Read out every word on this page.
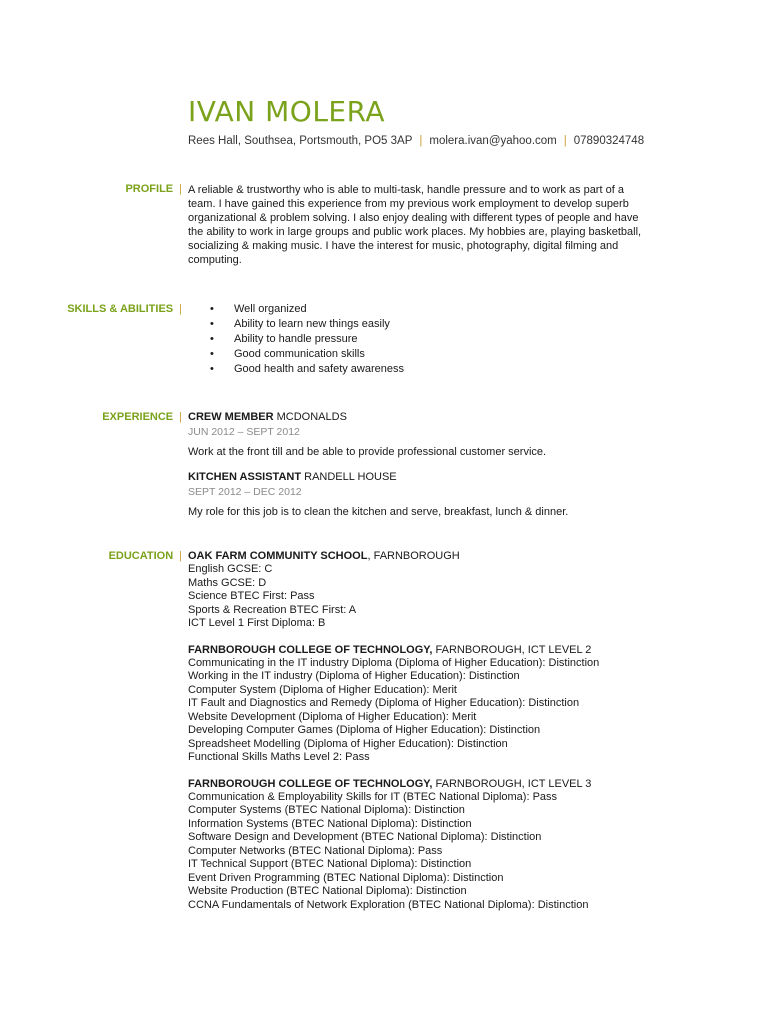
IVAN MOLERA
Rees Hall, Southsea, Portsmouth, PO5 3AP | molera.ivan@yahoo.com | 07890324748
PROFILE | A reliable & trustworthy who is able to multi-task, handle pressure and to work as part of a team. I have gained this experience from my previous work employment to develop superb organizational & problem solving. I also enjoy dealing with different types of people and have the ability to work in large groups and public work places. My hobbies are, playing basketball, socializing & making music. I have the interest for music, photography, digital filming and computing.

SKILLS & ABILITIES |
•	Well organized
• Ability to learn new things easily
• Ability to handle pressure
• Good communication skills
• Good health and safety awareness
EXPERIENCE | CREW MEMBER MCDONALDS
JUN 2012 – SEPT 2012
Work at the front till and be able to provide professional customer service.
KITCHEN ASSISTANT RANDELL HOUSE
SEPT 2012 – DEC 2012
My role for this job is to clean the kitchen and serve, breakfast, lunch & dinner.
EDUCATION | OAK FARM COMMUNITY SCHOOL, FARNBOROUGH
English GCSE: C
Maths GCSE: D
Science BTEC First: Pass
Sports & Recreation BTEC First: A
ICT Level 1 First Diploma: B
FARNBOROUGH COLLEGE OF TECHNOLOGY, FARNBOROUGH, ICT LEVEL 2
Communicating in the IT industry Diploma (Diploma of Higher Education): Distinction
Working in the IT industry (Diploma of Higher Education): Distinction
Computer System (Diploma of Higher Education): Merit
IT Fault and Diagnostics and Remedy (Diploma of Higher Education): Distinction
Website Development (Diploma of Higher Education): Merit
Developing Computer Games (Diploma of Higher Education): Distinction
Spreadsheet Modelling (Diploma of Higher Education): Distinction
Functional Skills Maths Level 2: Pass
FARNBOROUGH COLLEGE OF TECHNOLOGY, FARNBOROUGH, ICT LEVEL 3
Communication & Employability Skills for IT (BTEC National Diploma): Pass
Computer Systems (BTEC National Diploma): Distinction
Information Systems (BTEC National Diploma): Distinction
Software Design and Development (BTEC National Diploma): Distinction
Computer Networks (BTEC National Diploma): Pass
IT Technical Support (BTEC National Diploma): Distinction
Event Driven Programming (BTEC National Diploma): Distinction
Website Production (BTEC National Diploma): Distinction
CCNA Fundamentals of Network Exploration (BTEC National Diploma): Distinction
